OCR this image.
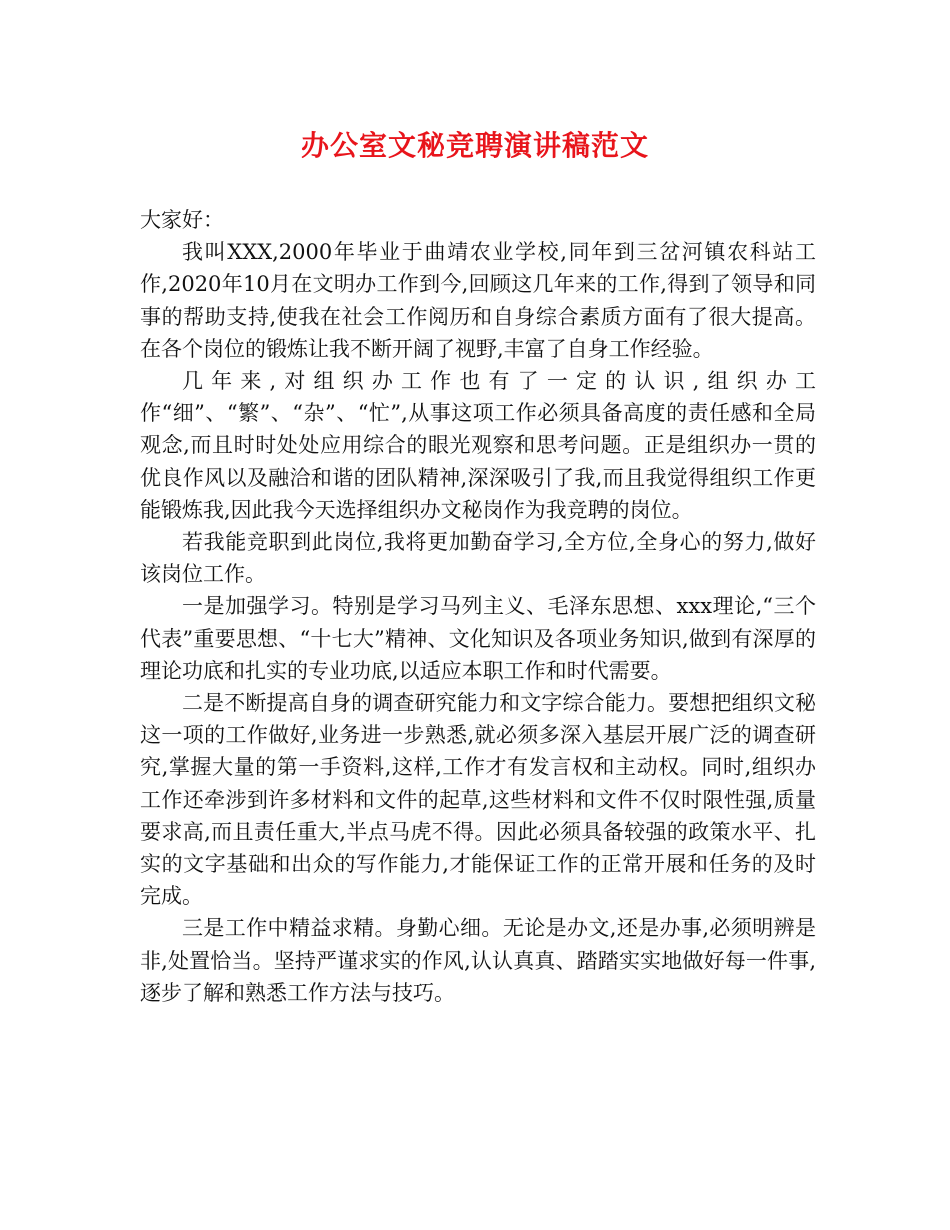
办公室文秘竞聘演讲稿范文

大家好：

我叫XXX,2000年毕业于曲靖农业学校,同年到三岔河镇农科站工作,2020年10月在文明办工作到今,回顾这几年来的工作,得到了领导和同事的帮助支持,使我在社会工作阅历和自身综合素质方面有了很大提高。在各个岗位的锻炼让我不断开阔了视野,丰富了自身工作经验。

几年来,对组织办工作也有了一定的认识,组织办工作“细”、“繁”、“杂”、“忙”,从事这项工作必须具备高度的责任感和全局观念,而且时时处处应用综合的眼光观察和思考问题。正是组织办一贯的优良作风以及融洽和谐的团队精神,深深吸引了我,而且我觉得组织工作更能锻炼我,因此我今天选择组织办文秘岗作为我竞聘的岗位。

若我能竞职到此岗位,我将更加勤奋学习,全方位,全身心的努力,做好该岗位工作。

一是加强学习。特别是学习马列主义、毛泽东思想、xxx理论,“三个代表”重要思想、“十七大”精神、文化知识及各项业务知识,做到有深厚的理论功底和扎实的专业功底,以适应本职工作和时代需要。

二是不断提高自身的调查研究能力和文字综合能力。要想把组织文秘这一项的工作做好,业务进一步熟悉,就必须多深入基层开展广泛的调查研究,掌握大量的第一手资料,这样,工作才有发言权和主动权。同时,组织办工作还牵涉到许多材料和文件的起草,这些材料和文件不仅时限性强,质量要求高,而且责任重大,半点马虎不得。因此必须具备较强的政策水平、扎实的文字基础和出众的写作能力,才能保证工作的正常开展和任务的及时完成。

三是工作中精益求精。身勤心细。无论是办文,还是办事,必须明辨是非,处置恰当。坚持严谨求实的作风,认认真真、踏踏实实地做好每一件事,逐步了解和熟悉工作方法与技巧。
